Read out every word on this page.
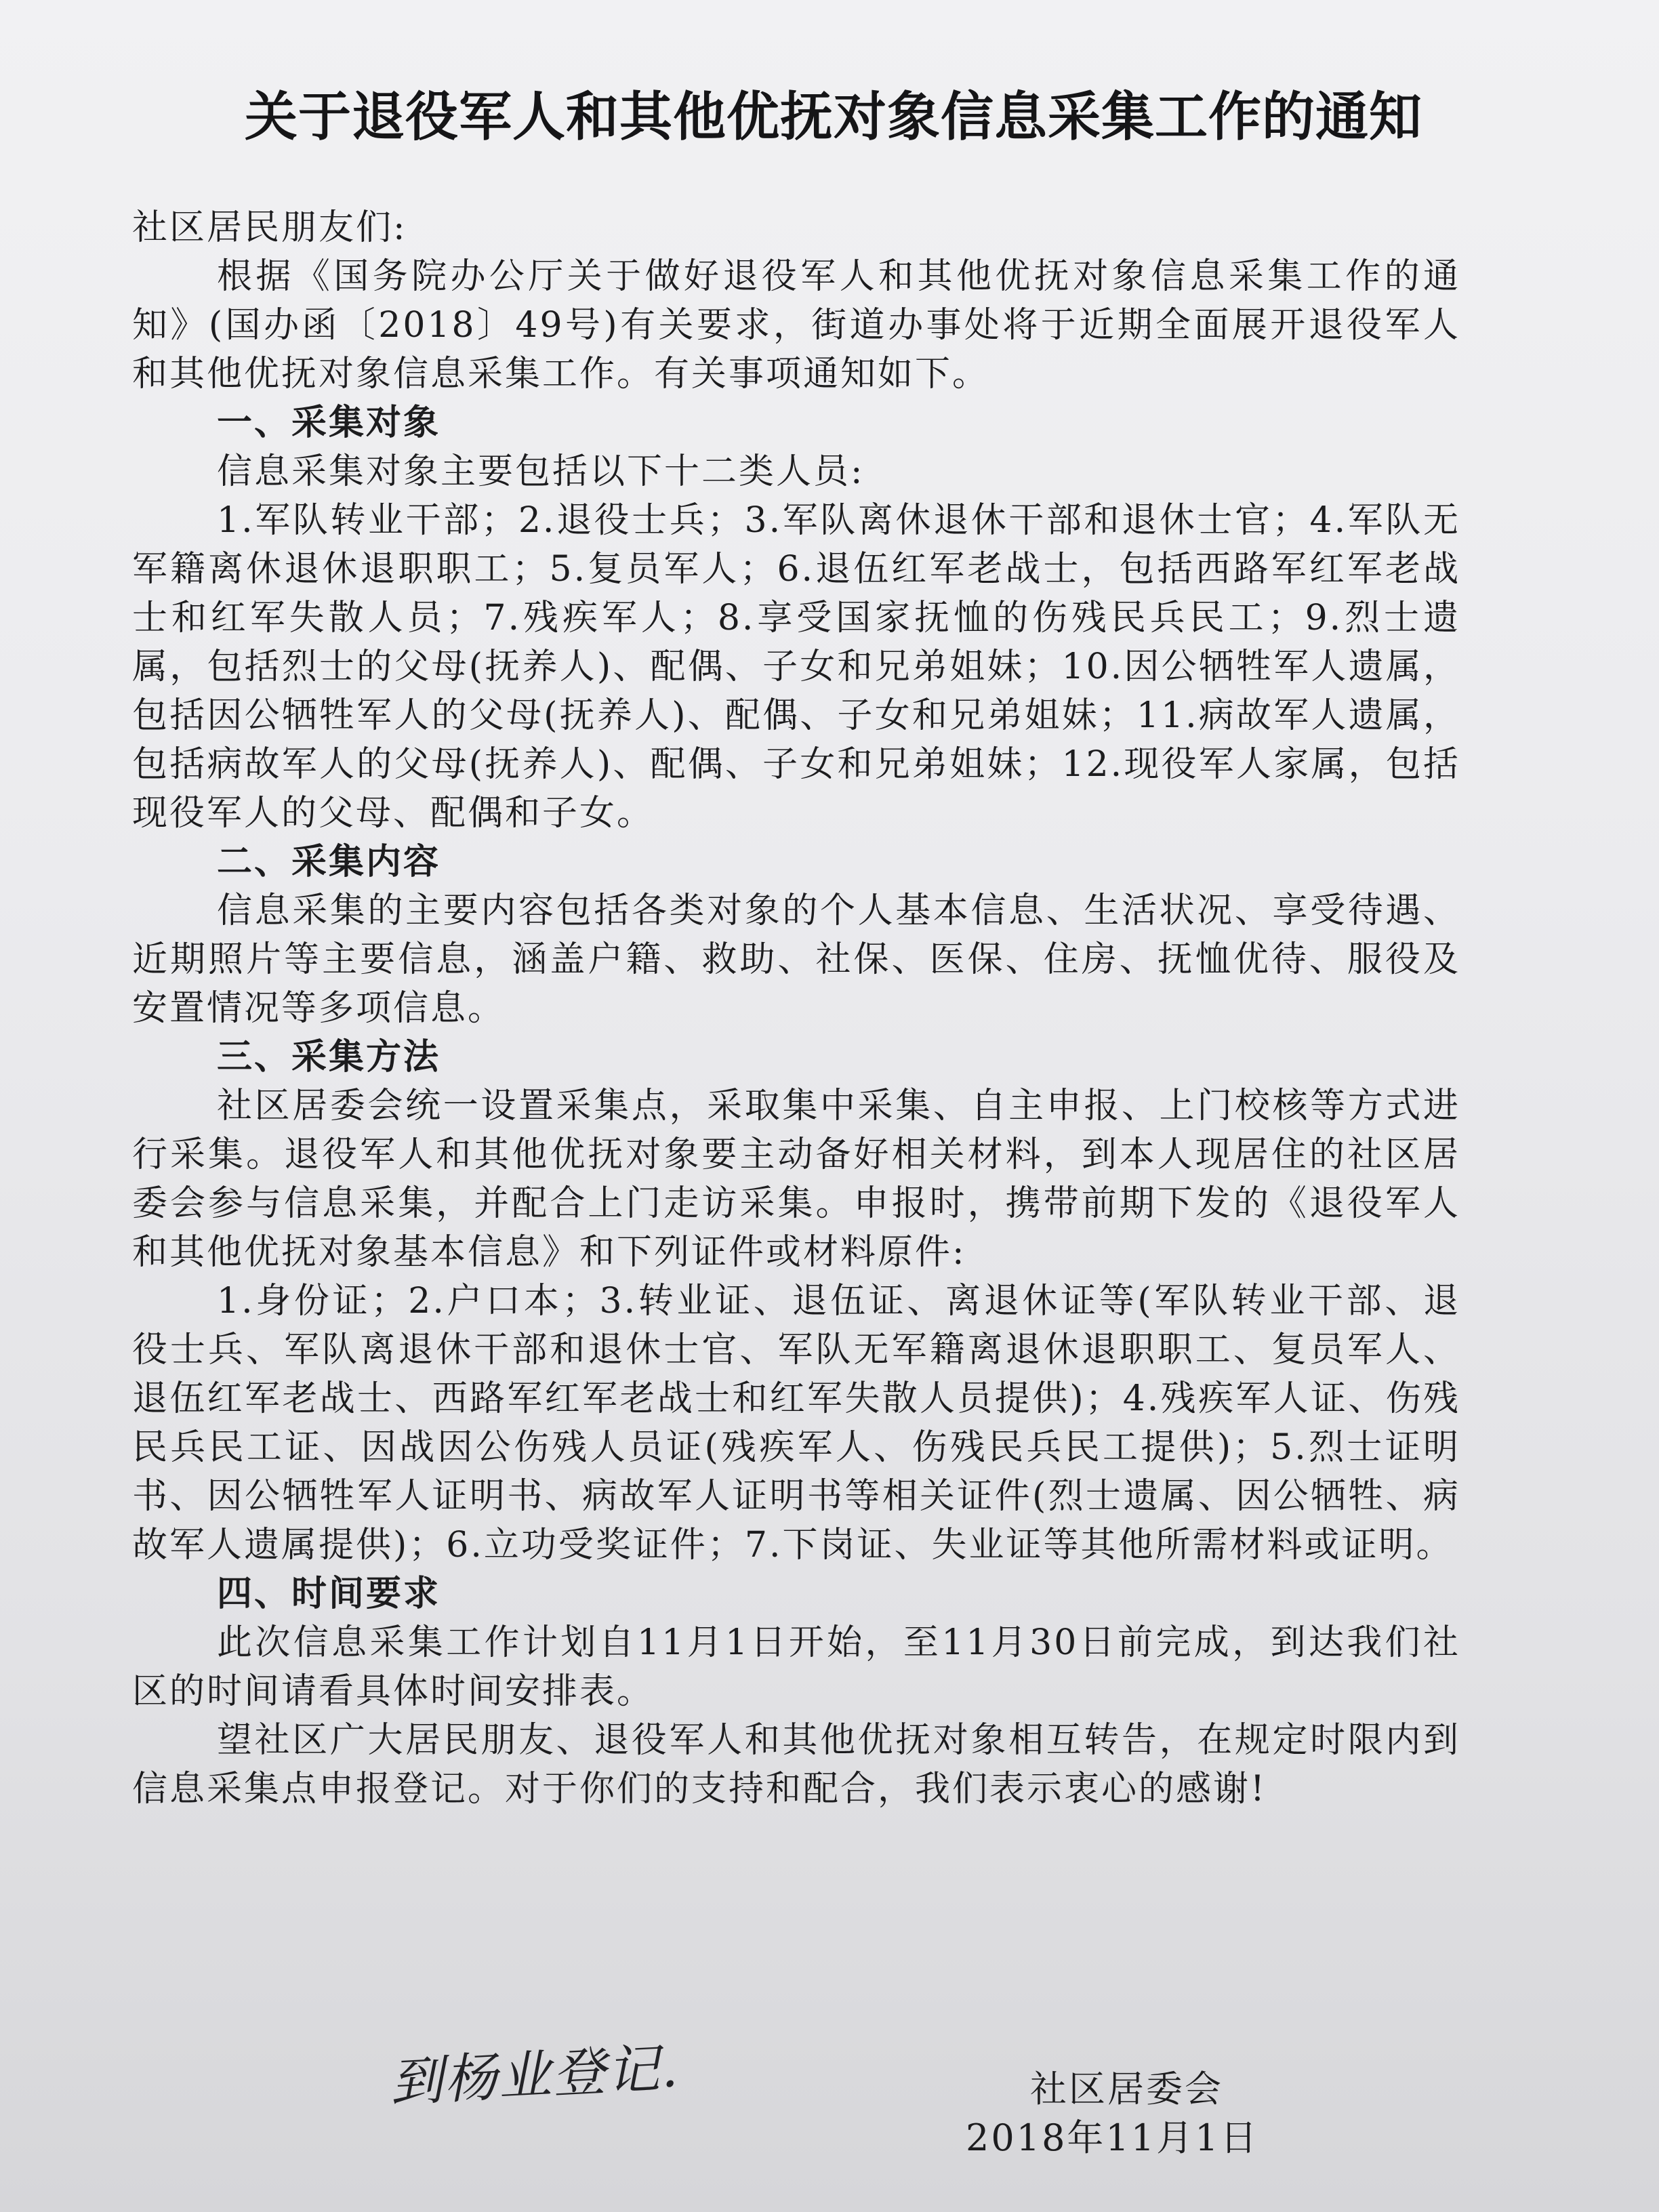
关于退役军人和其他优抚对象信息采集工作的通知

社区居民朋友们:

根据《国务院办公厅关于做好退役军人和其他优抚对象信息采集工作的通知》(国办函〔2018〕49号)有关要求，街道办事处将于近期全面展开退役军人和其他优抚对象信息采集工作。有关事项通知如下。

一、采集对象

信息采集对象主要包括以下十二类人员:

1.军队转业干部；2.退役士兵；3.军队离休退休干部和退休士官；4.军队无军籍离休退休退职职工；5.复员军人；6.退伍红军老战士，包括西路军红军老战士和红军失散人员；7.残疾军人；8.享受国家抚恤的伤残民兵民工；9.烈士遗属，包括烈士的父母(抚养人)、配偶、子女和兄弟姐妹；10.因公牺牲军人遗属，包括因公牺牲军人的父母(抚养人)、配偶、子女和兄弟姐妹；11.病故军人遗属，包括病故军人的父母(抚养人)、配偶、子女和兄弟姐妹；12.现役军人家属，包括现役军人的父母、配偶和子女。

二、采集内容

信息采集的主要内容包括各类对象的个人基本信息、生活状况、享受待遇、近期照片等主要信息，涵盖户籍、救助、社保、医保、住房、抚恤优待、服役及安置情况等多项信息。

三、采集方法

社区居委会统一设置采集点，采取集中采集、自主申报、上门校核等方式进行采集。退役军人和其他优抚对象要主动备好相关材料，到本人现居住的社区居委会参与信息采集，并配合上门走访采集。申报时，携带前期下发的《退役军人和其他优抚对象基本信息》和下列证件或材料原件:

1.身份证；2.户口本；3.转业证、退伍证、离退休证等(军队转业干部、退役士兵、军队离退休干部和退休士官、军队无军籍离退休退职职工、复员军人、退伍红军老战士、西路军红军老战士和红军失散人员提供)；4.残疾军人证、伤残民兵民工证、因战因公伤残人员证(残疾军人、伤残民兵民工提供)；5.烈士证明书、因公牺牲军人证明书、病故军人证明书等相关证件(烈士遗属、因公牺牲、病故军人遗属提供)；6.立功受奖证件；7.下岗证、失业证等其他所需材料或证明。

四、时间要求

此次信息采集工作计划自11月1日开始，至11月30日前完成，到达我们社区的时间请看具体时间安排表。

望社区广大居民朋友、退役军人和其他优抚对象相互转告，在规定时限内到信息采集点申报登记。对于你们的支持和配合，我们表示衷心的感谢!

到杨业登记.	社区居委会
2018年11月1日
